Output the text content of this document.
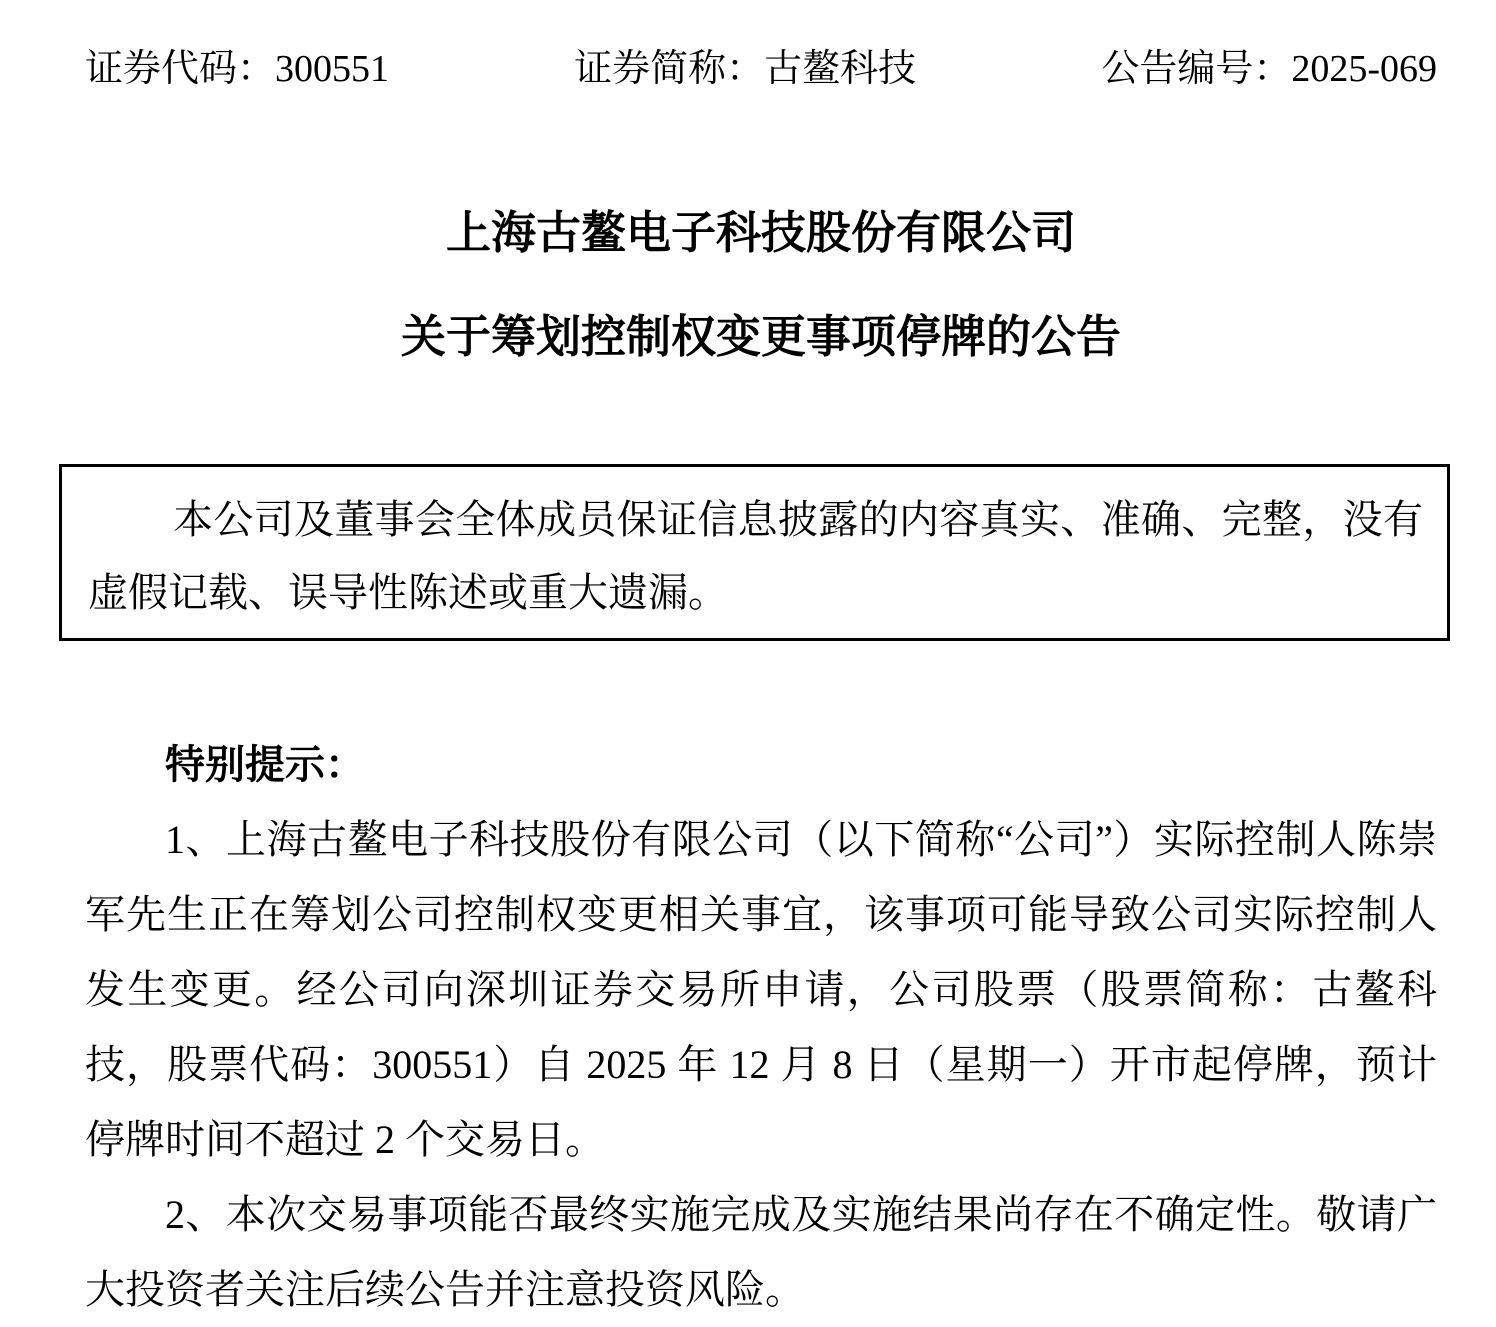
证券代码：300551	证券简称：古鳌科技	公告编号：2025-069
上海古鳌电子科技股份有限公司
关于筹划控制权变更事项停牌的公告

本公司及董事会全体成员保证信息披露的内容真实、准确、完整，没有虚假记载、误导性陈述或重大遗漏。

特别提示：

1、上海古鳌电子科技股份有限公司（以下简称“公司”）实际控制人陈崇军先生正在筹划公司控制权变更相关事宜，该事项可能导致公司实际控制人发生变更。经公司向深圳证券交易所申请，公司股票（股票简称：古鳌科技，股票代码：300551）自 2025 年 12 月 8 日（星期一）开市起停牌，预计停牌时间不超过 2 个交易日。

2、本次交易事项能否最终实施完成及实施结果尚存在不确定性。敬请广大投资者关注后续公告并注意投资风险。
